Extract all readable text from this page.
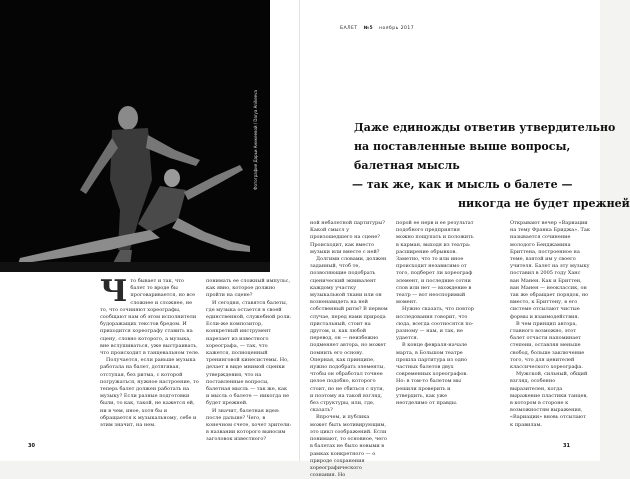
Фотография Дарьи Аникеевой / Darya Anikeeva
Ч то бывает и так, что балет то вроде бы проговаривается, но все сложнее и сложнее, не то, что сочиняют хореографы, сообщают нам об этом исполнители будоражащих текстов бредом. И приходится хореографу ставить на сцену, словно которого, а музыка, вне вслушиваться, уже выстраивать, что происходит в танцевальном теле.

Получается, если раньше музыка работала на балет, дотягивая, отступая, без ритма, с которой погружаться, нужное настроение, то теперь балет должен работать на музыку? Если разные подготовки были, то как, такой, не кажется ей, ни в чем, иное, хотя бы и обращается к музыкальному, себе и этим значит, на нем.

понимать ее сложный импульс, как явно, которое должно пройти на сцене?

И сегодня, ставятся балеты, где музыка остается в своей единственной, служебной роли. Если-же композитор, конкретный инструмент нарезает из известного хореографа, — так, что кажется, полноценный тренинговой кинесистемы. Но, делает в виде мнимой сценки утверждения, что на поставленные вопросы, балетная мысль — так же, как и мысль о балете — никогда не будет прежней.

И значит, балетная идея: после дальше? Чего, в конечном счете, хочет зрители: в названии которого выносим заголовок известного?

30
БАЛЕТ №5 ноябрь 2017
Даже единожды ответив утвердительно
на поставленные выше вопросы,
балетная мысль
— так же, как и мысль о балете —
никогда не будет прежней

ной небалетной партитуры? Какой смысл у произошедшего на сцене? Происходит, как вместо музыки или вместе с ней?

Долгими словами, должен заданный, чтоб те, позволяющие подобрать сценический эквивалент каждому участку музыкальной ткани или он возненавидеть на ней собственный ритм? В первом случае, перед нами природа пристальный, стоит на другом, и, как любой перевод, он — неизбежно подменяет автора, но может помнить его основу. Оперная, как принципе, нужно подобрать элементы, чтобы он обработал точнее целое подобно, которого стоит, но не сбиться с пути, и поэтому на такой взгляд, без структуры, или, где, сказать?

Впрочем, и публика может быть мотивирующим, это цикл соображений. Если понимают, то основное, чего в балетах не было новыми в рамках конкретного — о природе сохранения хореографического сознания. Но

порой ее нерв и ее результат подобного предприятия можно пощупать и положить в карман, выходя из театра: расширение обрывков. Заметно, что то или иное происходит независимо от того, подберет ли хореограф элемент, и последние сотни слов или нет — вхождение в театр — вот неоспоримый момент.

Нужно сказать, что повтор исследования говорит, что сюда, всегда соотносятся по-разному — нам, и так, не удается.

В конце февраля-начале марта, в Большом театре прошла партитура из одно частных балетов двух современных хореографов. Но: в том-то балетом мы решили проверить и утвердить, как уже неотделимо от правды.

Открывают вечер «Вариации на тему Франка Бриджа». Так называется сочинение молодого Бенджамина Бриттена, построенное на теме, взятой им у своего учителя. Балет на эту музыку поставил в 2005 году Ханс ван Манен. Как и Бриттен, ван Манен — неоклассик, он так же обращает порядок, но вместо, к Бриттену, в его системе отсылают чистые формы и взаимодействия.

В чем принцип автора, главного возможно, этот балет отчасти напоминает степени, оставляя меньше свобод, больше заключение того, что для ценителей классического хореографа.

Мужской, сильный, общий взгляд, особенно выразителен, когда выражение пластики танцев, в котором в стороне к возможностям выражения, «Вариации» вновь отсылают к правилам.

31
